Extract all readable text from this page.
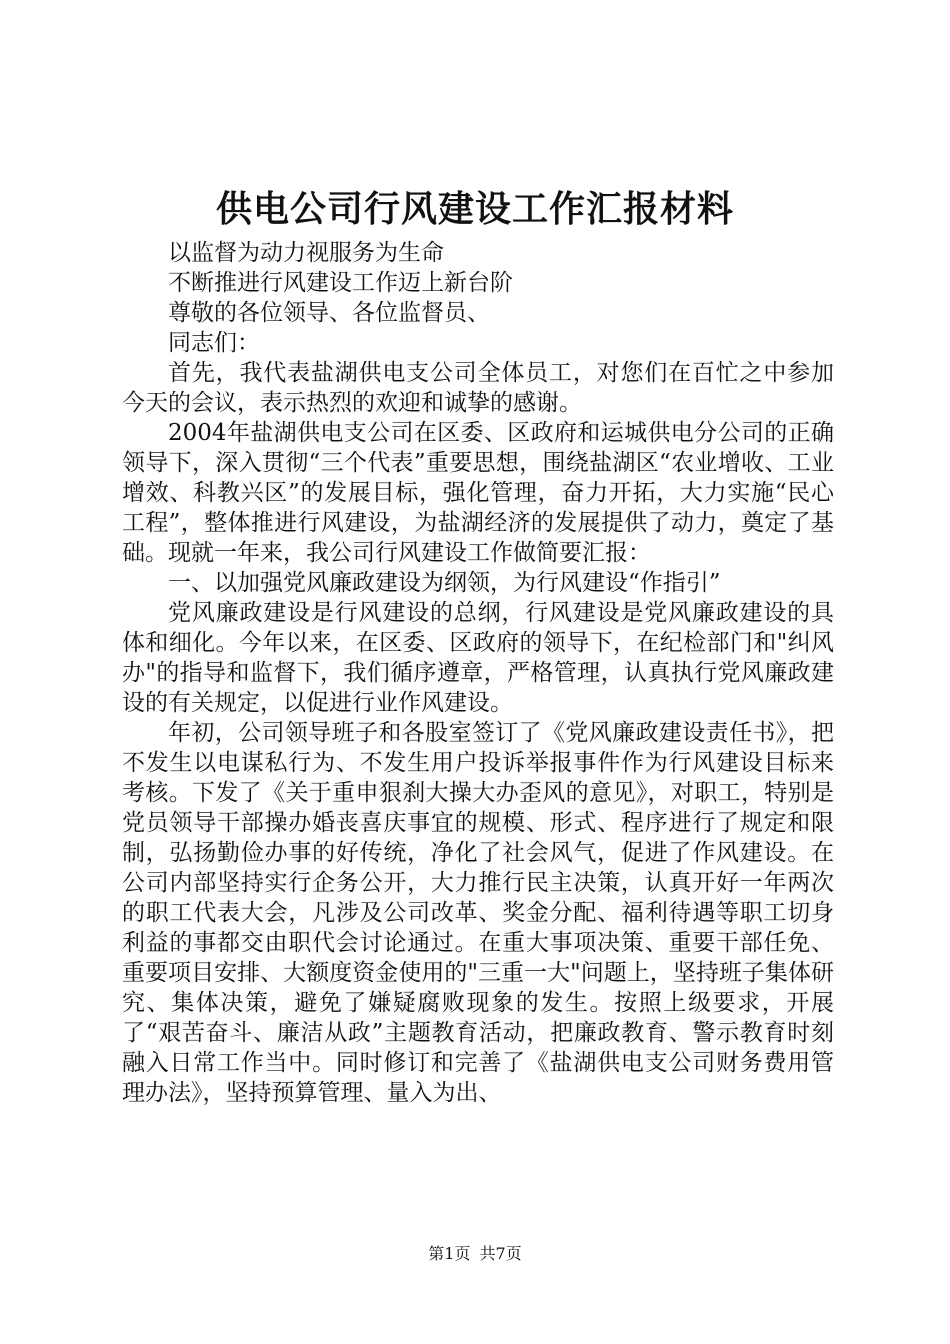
供电公司行风建设工作汇报材料

以监督为动力视服务为生命

不断推进行风建设工作迈上新台阶

尊敬的各位领导、各位监督员、

同志们：

首先，我代表盐湖供电支公司全体员工，对您们在百忙之中参加今天的会议，表示热烈的欢迎和诚挚的感谢。

2004年盐湖供电支公司在区委、区政府和运城供电分公司的正确领导下，深入贯彻“三个代表”重要思想，围绕盐湖区“农业增收、工业增效、科教兴区”的发展目标，强化管理，奋力开拓，大力实施“民心工程”，整体推进行风建设，为盐湖经济的发展提供了动力，奠定了基础。现就一年来，我公司行风建设工作做简要汇报：

一、以加强党风廉政建设为纲领，为行风建设“作指引”

党风廉政建设是行风建设的总纲，行风建设是党风廉政建设的具体和细化。今年以来，在区委、区政府的领导下，在纪检部门和"纠风办"的指导和监督下，我们循序遵章，严格管理，认真执行党风廉政建设的有关规定，以促进行业作风建设。

年初，公司领导班子和各股室签订了《党风廉政建设责任书》，把不发生以电谋私行为、不发生用户投诉举报事件作为行风建设目标来考核。下发了《关于重申狠刹大操大办歪风的意见》，对职工，特别是党员领导干部操办婚丧喜庆事宜的规模、形式、程序进行了规定和限制，弘扬勤俭办事的好传统，净化了社会风气，促进了作风建设。在公司内部坚持实行企务公开，大力推行民主决策，认真开好一年两次的职工代表大会，凡涉及公司改革、奖金分配、福利待遇等职工切身利益的事都交由职代会讨论通过。在重大事项决策、重要干部任免、重要项目安排、大额度资金使用的"三重一大"问题上，坚持班子集体研究、集体决策，避免了嫌疑腐败现象的发生。按照上级要求，开展了“艰苦奋斗、廉洁从政”主题教育活动，把廉政教育、警示教育时刻融入日常工作当中。同时修订和完善了《盐湖供电支公司财务费用管理办法》，坚持预算管理、量入为出、

第1页 共7页
